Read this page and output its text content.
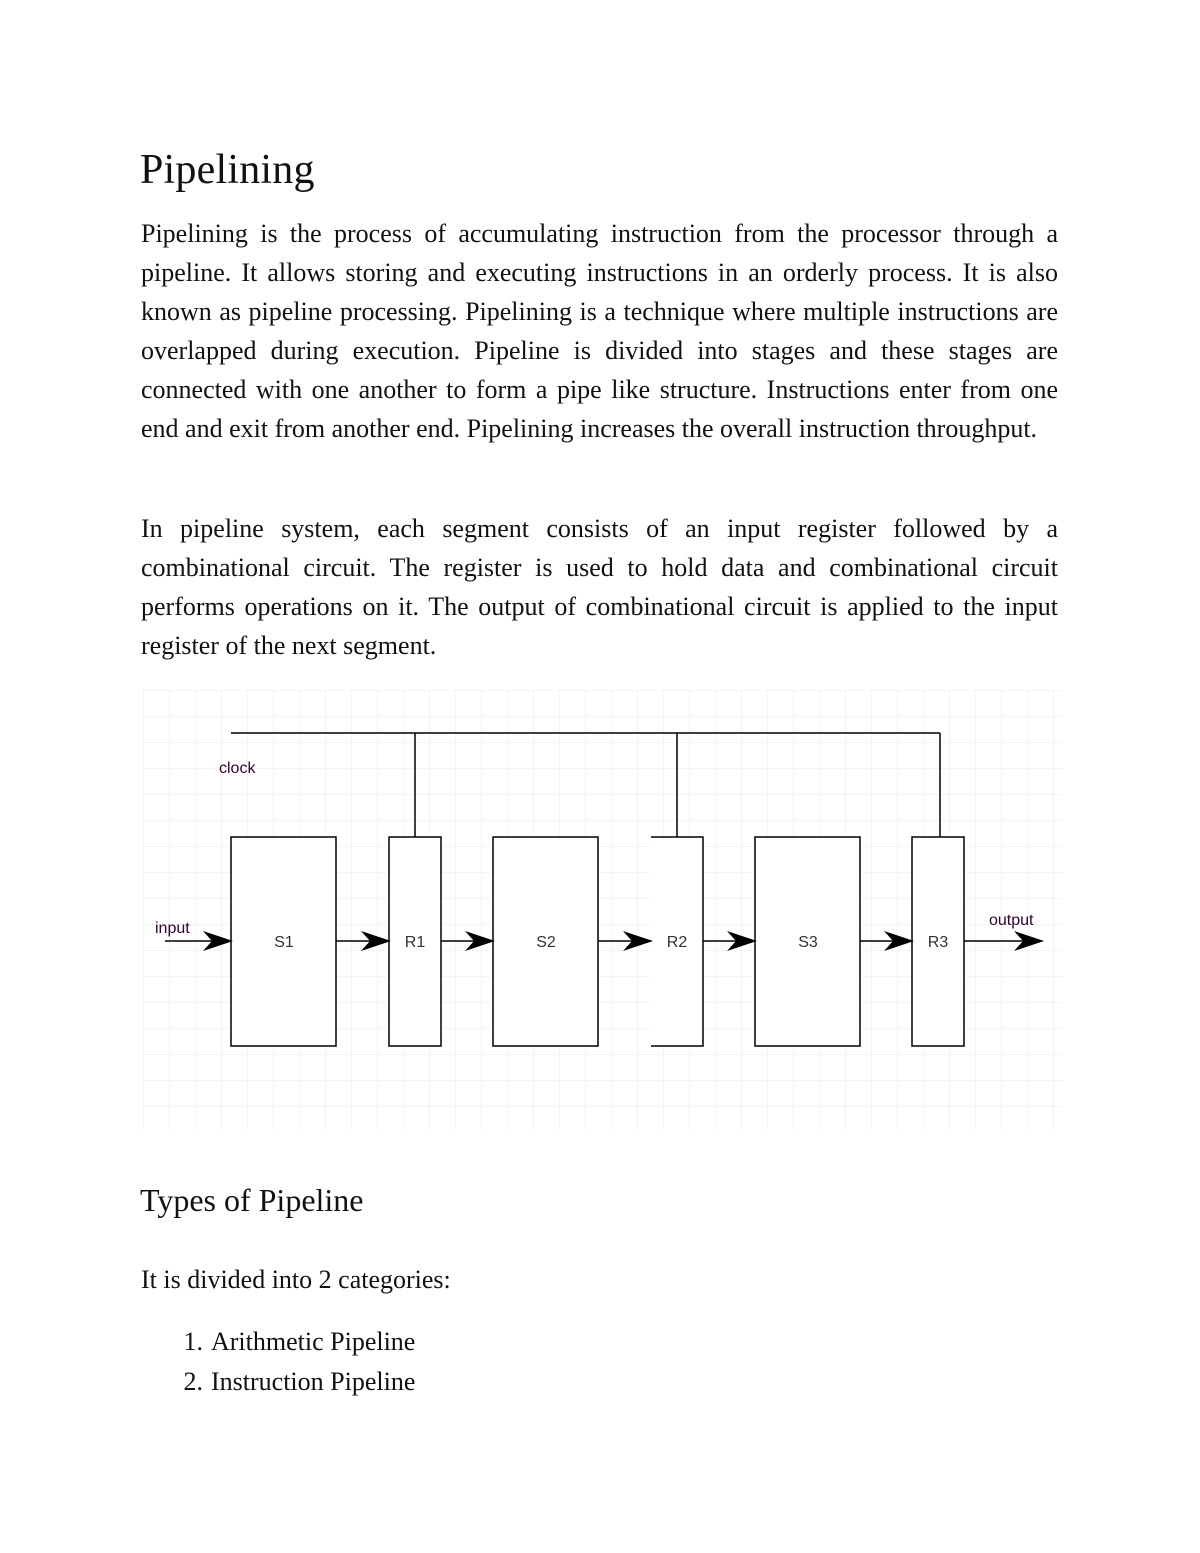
Pipelining

Pipelining is the process of accumulating instruction from the processor through a pipeline. It allows storing and executing instructions in an orderly process. It is also known as pipeline processing. Pipelining is a technique where multiple instructions are overlapped during execution. Pipeline is divided into stages and these stages are connected with one another to form a pipe like structure. Instructions enter from one end and exit from another end. Pipelining increases the overall instruction throughput.

In pipeline system, each segment consists of an input register followed by a combinational circuit. The register is used to hold data and combinational circuit performs operations on it. The output of combinational circuit is applied to the input register of the next segment.

clock
S1	R1	S2	R2	S3	R3
input	output
Types of Pipeline

It is divided into 2 categories:

1. Arithmetic Pipeline
2. Instruction Pipeline
